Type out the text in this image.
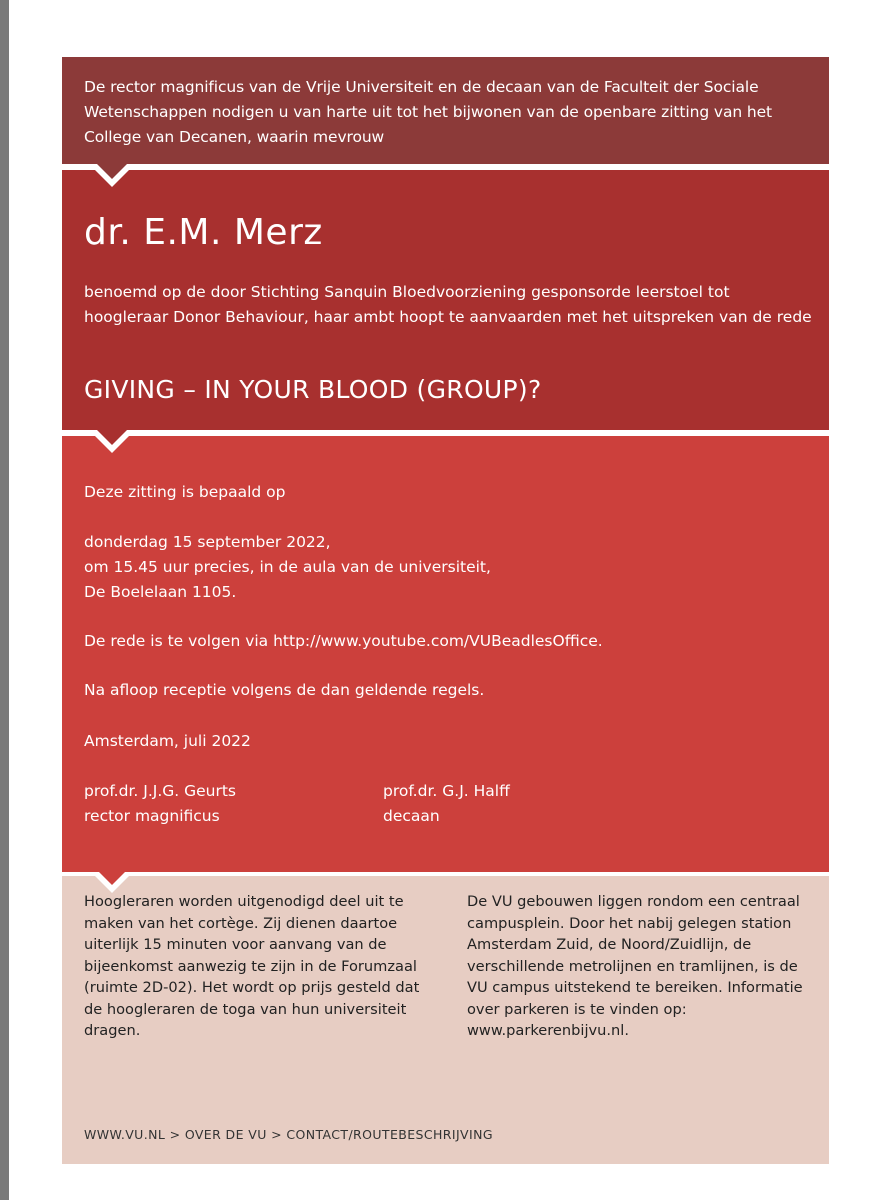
De rector magnificus van de Vrije Universiteit en de decaan van de Faculteit der Sociale Wetenschappen nodigen u van harte uit tot het bijwonen van de openbare zitting van het College van Decanen, waarin mevrouw

dr. E.M. Merz

benoemd op de door Stichting Sanquin Bloedvoorziening gesponsorde leerstoel tot hoogleraar Donor Behaviour, haar ambt hoopt te aanvaarden met het uitspreken van de rede

GIVING – IN YOUR BLOOD (GROUP)?

Deze zitting is bepaald op

donderdag 15 september 2022,

om 15.45 uur precies, in de aula van de universiteit,

De Boelelaan 1105.

De rede is te volgen via http://www.youtube.com/VUBeadlesOffice.

Na afloop receptie volgens de dan geldende regels.

Amsterdam, juli 2022

prof.dr. J.J.G. Geurts
rector magnificus
prof.dr. G.J. Halff
decaan

Hoogleraren worden uitgenodigd deel uit te maken van het cortège. Zij dienen daartoe uiterlijk 15 minuten voor aanvang van de bijeenkomst aanwezig te zijn in de Forumzaal (ruimte 2D-02). Het wordt op prijs gesteld dat de hoogleraren de toga van hun universiteit dragen.

De VU gebouwen liggen rondom een centraal campusplein. Door het nabij gelegen station Amsterdam Zuid, de Noord/Zuidlijn, de verschillende metrolijnen en tramlijnen, is de VU campus uitstekend te bereiken. Informatie over parkeren is te vinden op: www.parkerenbijvu.nl.

WWW.VU.NL > OVER DE VU > CONTACT/ROUTEBESCHRIJVING
